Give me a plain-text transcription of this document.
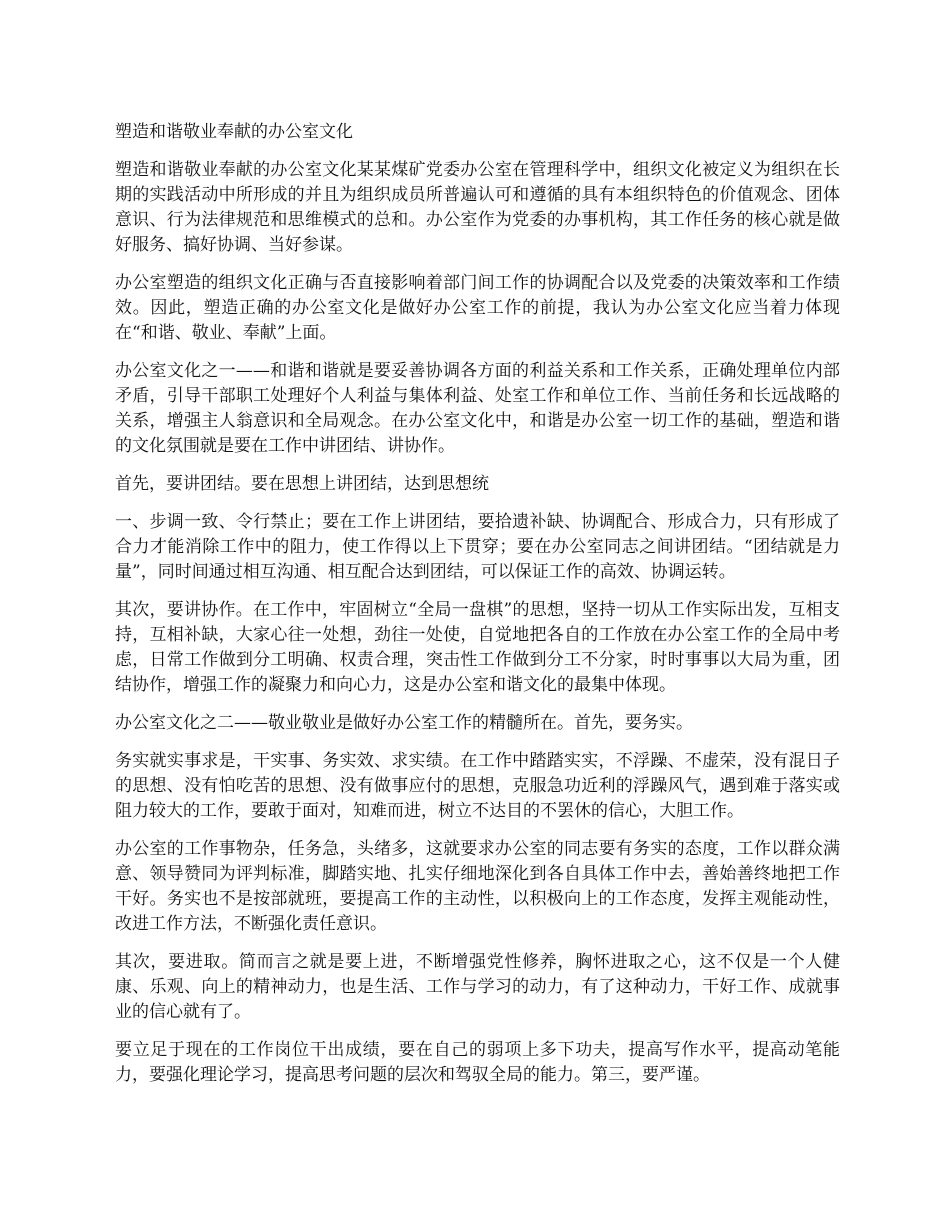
塑造和谐敬业奉献的办公室文化

塑造和谐敬业奉献的办公室文化某某煤矿党委办公室在管理科学中，组织文化被定义为组织在长期的实践活动中所形成的并且为组织成员所普遍认可和遵循的具有本组织特色的价值观念、团体意识、行为法律规范和思维模式的总和。办公室作为党委的办事机构，其工作任务的核心就是做好服务、搞好协调、当好参谋。

办公室塑造的组织文化正确与否直接影响着部门间工作的协调配合以及党委的决策效率和工作绩效。因此，塑造正确的办公室文化是做好办公室工作的前提，我认为办公室文化应当着力体现在“和谐、敬业、奉献”上面。

办公室文化之一——和谐和谐就是要妥善协调各方面的利益关系和工作关系，正确处理单位内部矛盾，引导干部职工处理好个人利益与集体利益、处室工作和单位工作、当前任务和长远战略的关系，增强主人翁意识和全局观念。在办公室文化中，和谐是办公室一切工作的基础，塑造和谐的文化氛围就是要在工作中讲团结、讲协作。

首先，要讲团结。要在思想上讲团结，达到思想统

一、步调一致、令行禁止；要在工作上讲团结，要拾遗补缺、协调配合、形成合力，只有形成了合力才能消除工作中的阻力，使工作得以上下贯穿；要在办公室同志之间讲团结。“团结就是力量”，同时间通过相互沟通、相互配合达到团结，可以保证工作的高效、协调运转。

其次，要讲协作。在工作中，牢固树立“全局一盘棋”的思想，坚持一切从工作实际出发，互相支持，互相补缺，大家心往一处想，劲往一处使，自觉地把各自的工作放在办公室工作的全局中考虑，日常工作做到分工明确、权责合理，突击性工作做到分工不分家，时时事事以大局为重，团结协作，增强工作的凝聚力和向心力，这是办公室和谐文化的最集中体现。

办公室文化之二——敬业敬业是做好办公室工作的精髓所在。首先，要务实。

务实就实事求是，干实事、务实效、求实绩。在工作中踏踏实实，不浮躁、不虚荣，没有混日子的思想、没有怕吃苦的思想、没有做事应付的思想，克服急功近利的浮躁风气，遇到难于落实或阻力较大的工作，要敢于面对，知难而进，树立不达目的不罢休的信心，大胆工作。

办公室的工作事物杂，任务急，头绪多，这就要求办公室的同志要有务实的态度，工作以群众满意、领导赞同为评判标准，脚踏实地、扎实仔细地深化到各自具体工作中去，善始善终地把工作干好。务实也不是按部就班，要提高工作的主动性，以积极向上的工作态度，发挥主观能动性，改进工作方法，不断强化责任意识。

其次，要进取。简而言之就是要上进，不断增强党性修养，胸怀进取之心，这不仅是一个人健康、乐观、向上的精神动力，也是生活、工作与学习的动力，有了这种动力，干好工作、成就事业的信心就有了。

要立足于现在的工作岗位干出成绩，要在自己的弱项上多下功夫，提高写作水平，提高动笔能力，要强化理论学习，提高思考问题的层次和驾驭全局的能力。第三，要严谨。
